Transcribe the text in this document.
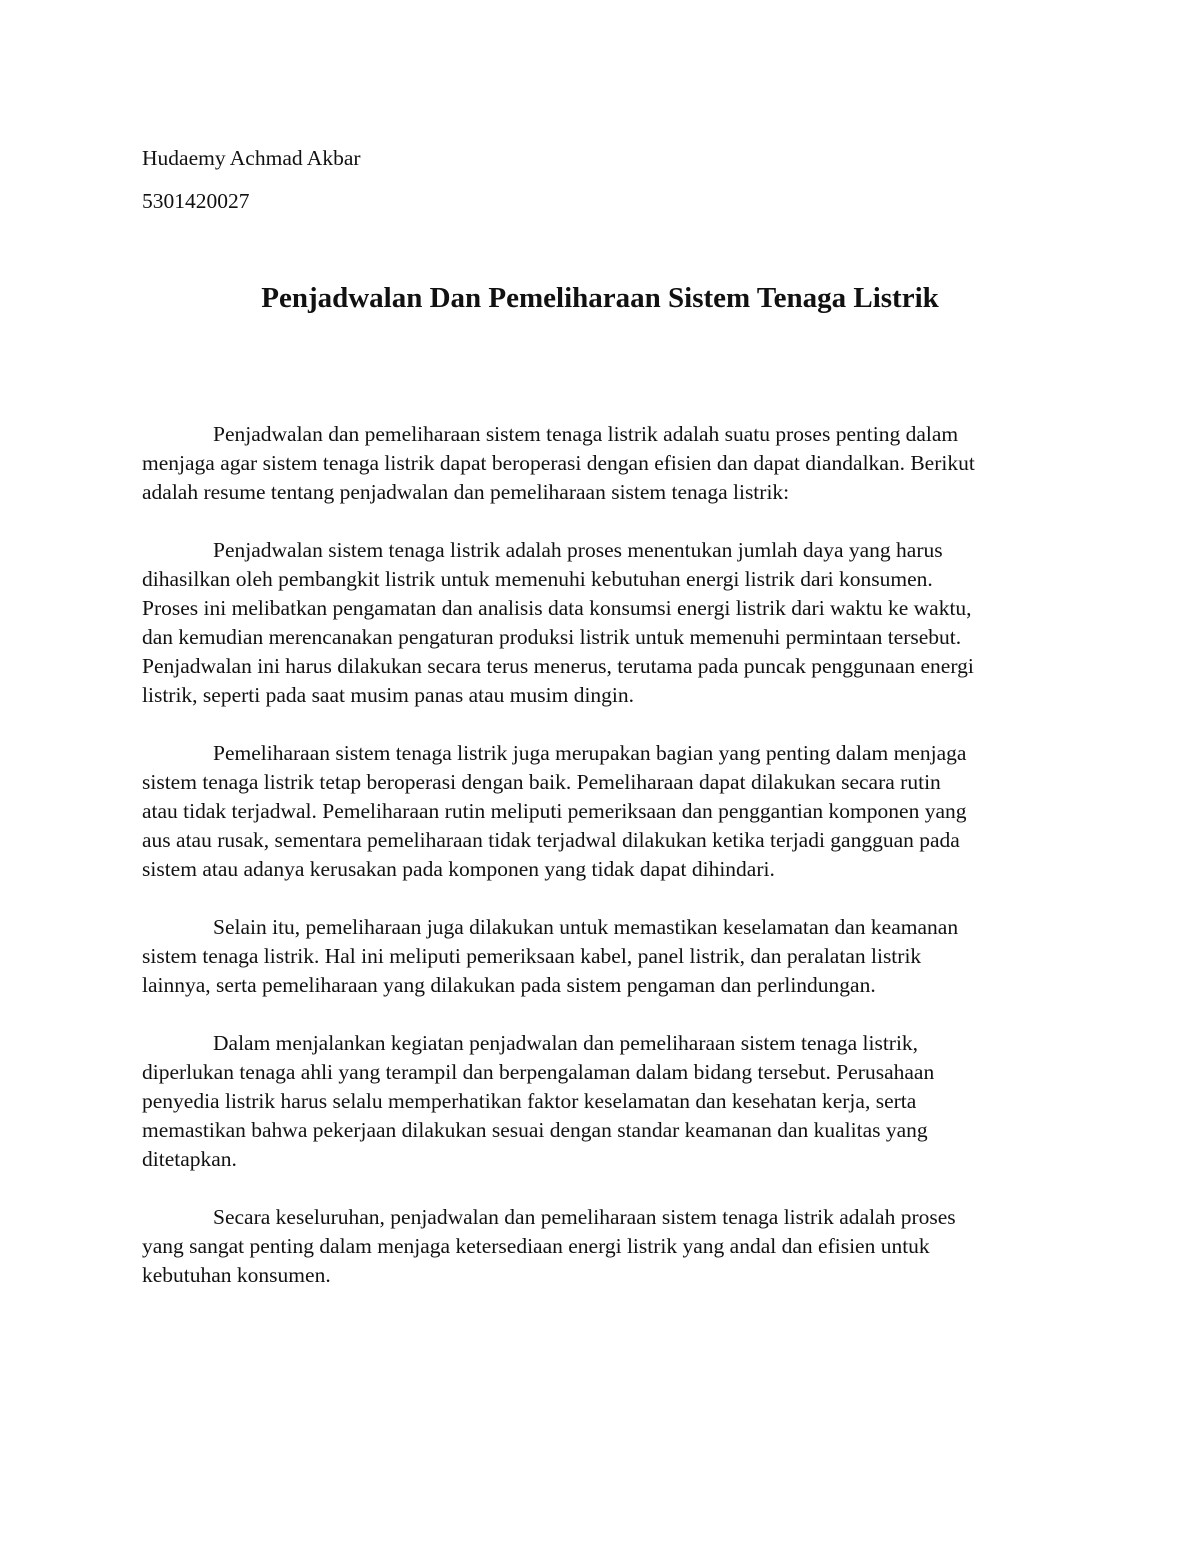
Hudaemy Achmad Akbar

5301420027

Penjadwalan Dan Pemeliharaan Sistem Tenaga Listrik

Penjadwalan dan pemeliharaan sistem tenaga listrik adalah suatu proses penting dalam
menjaga agar sistem tenaga listrik dapat beroperasi dengan efisien dan dapat diandalkan. Berikut
adalah resume tentang penjadwalan dan pemeliharaan sistem tenaga listrik:

Penjadwalan sistem tenaga listrik adalah proses menentukan jumlah daya yang harus
dihasilkan oleh pembangkit listrik untuk memenuhi kebutuhan energi listrik dari konsumen.
Proses ini melibatkan pengamatan dan analisis data konsumsi energi listrik dari waktu ke waktu,
dan kemudian merencanakan pengaturan produksi listrik untuk memenuhi permintaan tersebut.
Penjadwalan ini harus dilakukan secara terus menerus, terutama pada puncak penggunaan energi
listrik, seperti pada saat musim panas atau musim dingin.

Pemeliharaan sistem tenaga listrik juga merupakan bagian yang penting dalam menjaga
sistem tenaga listrik tetap beroperasi dengan baik. Pemeliharaan dapat dilakukan secara rutin
atau tidak terjadwal. Pemeliharaan rutin meliputi pemeriksaan dan penggantian komponen yang
aus atau rusak, sementara pemeliharaan tidak terjadwal dilakukan ketika terjadi gangguan pada
sistem atau adanya kerusakan pada komponen yang tidak dapat dihindari.

Selain itu, pemeliharaan juga dilakukan untuk memastikan keselamatan dan keamanan
sistem tenaga listrik. Hal ini meliputi pemeriksaan kabel, panel listrik, dan peralatan listrik
lainnya, serta pemeliharaan yang dilakukan pada sistem pengaman dan perlindungan.

Dalam menjalankan kegiatan penjadwalan dan pemeliharaan sistem tenaga listrik,
diperlukan tenaga ahli yang terampil dan berpengalaman dalam bidang tersebut. Perusahaan
penyedia listrik harus selalu memperhatikan faktor keselamatan dan kesehatan kerja, serta
memastikan bahwa pekerjaan dilakukan sesuai dengan standar keamanan dan kualitas yang
ditetapkan.

Secara keseluruhan, penjadwalan dan pemeliharaan sistem tenaga listrik adalah proses
yang sangat penting dalam menjaga ketersediaan energi listrik yang andal dan efisien untuk
kebutuhan konsumen.
